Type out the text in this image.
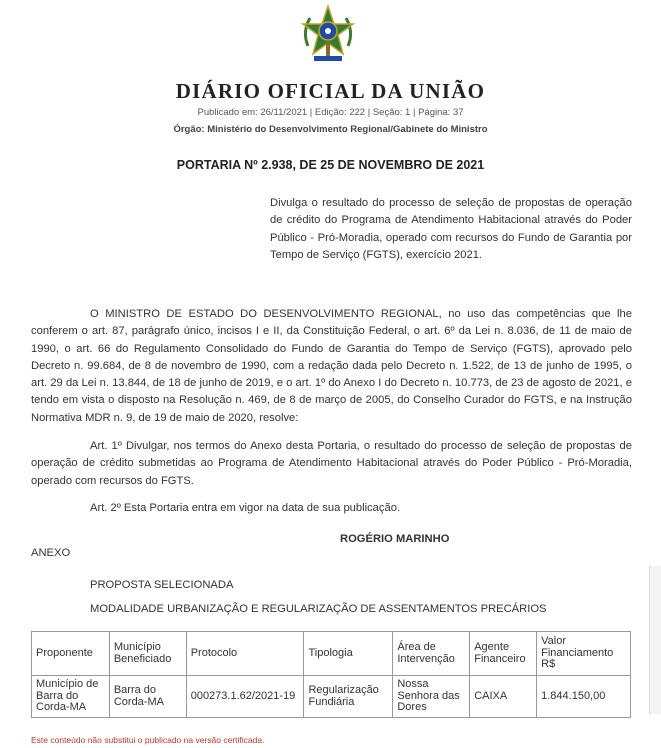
DIÁRIO OFICIAL DA UNIÃO
Publicado em: 26/11/2021 | Edição: 222 | Seção: 1 | Página: 37
Órgão: Ministério do Desenvolvimento Regional/Gabinete do Ministro
PORTARIA Nº 2.938, DE 25 DE NOVEMBRO DE 2021
Divulga o resultado do processo de seleção de propostas de operação de crédito do Programa de Atendimento Habitacional através do Poder Público - Pró-Moradia, operado com recursos do Fundo de Garantia por Tempo de Serviço (FGTS), exercício 2021.
O MINISTRO DE ESTADO DO DESENVOLVIMENTO REGIONAL, no uso das competências que lhe conferem o art. 87, parágrafo único, incisos I e II, da Constituição Federal, o art. 6º da Lei n. 8.036, de 11 de maio de 1990, o art. 66 do Regulamento Consolidado do Fundo de Garantia do Tempo de Serviço (FGTS), aprovado pelo Decreto n. 99.684, de 8 de novembro de 1990, com a redação dada pelo Decreto n. 1.522, de 13 de junho de 1995, o art. 29 da Lei n. 13.844, de 18 de junho de 2019, e o art. 1º do Anexo I do Decreto n. 10.773, de 23 de agosto de 2021, e tendo em vista o disposto na Resolução n. 469, de 8 de março de 2005, do Conselho Curador do FGTS, e na Instrução Normativa MDR n. 9, de 19 de maio de 2020, resolve:
Art. 1º Divulgar, nos termos do Anexo desta Portaria, o resultado do processo de seleção de propostas de operação de crédito submetidas ao Programa de Atendimento Habitacional através do Poder Público - Pró-Moradia, operado com recursos do FGTS.
Art. 2º Esta Portaria entra em vigor na data de sua publicação.
ROGÉRIO MARINHO
ANEXO
PROPOSTA SELECIONADA
MODALIDADE URBANIZAÇÃO E REGULARIZAÇÃO DE ASSENTAMENTOS PRECÁRIOS
Proponente	Município Beneficiado	Protocolo	Tipologia	Área de Intervenção	Agente Financeiro	Valor Financiamento R$
Município de Barra do Corda-MA	Barra do Corda-MA	000273.1.62/2021-19	Regularização Fundiária	Nossa Senhora das Dores	CAIXA	1.844.150,00
Este conteúdo não substitui o publicado na versão certificada.
